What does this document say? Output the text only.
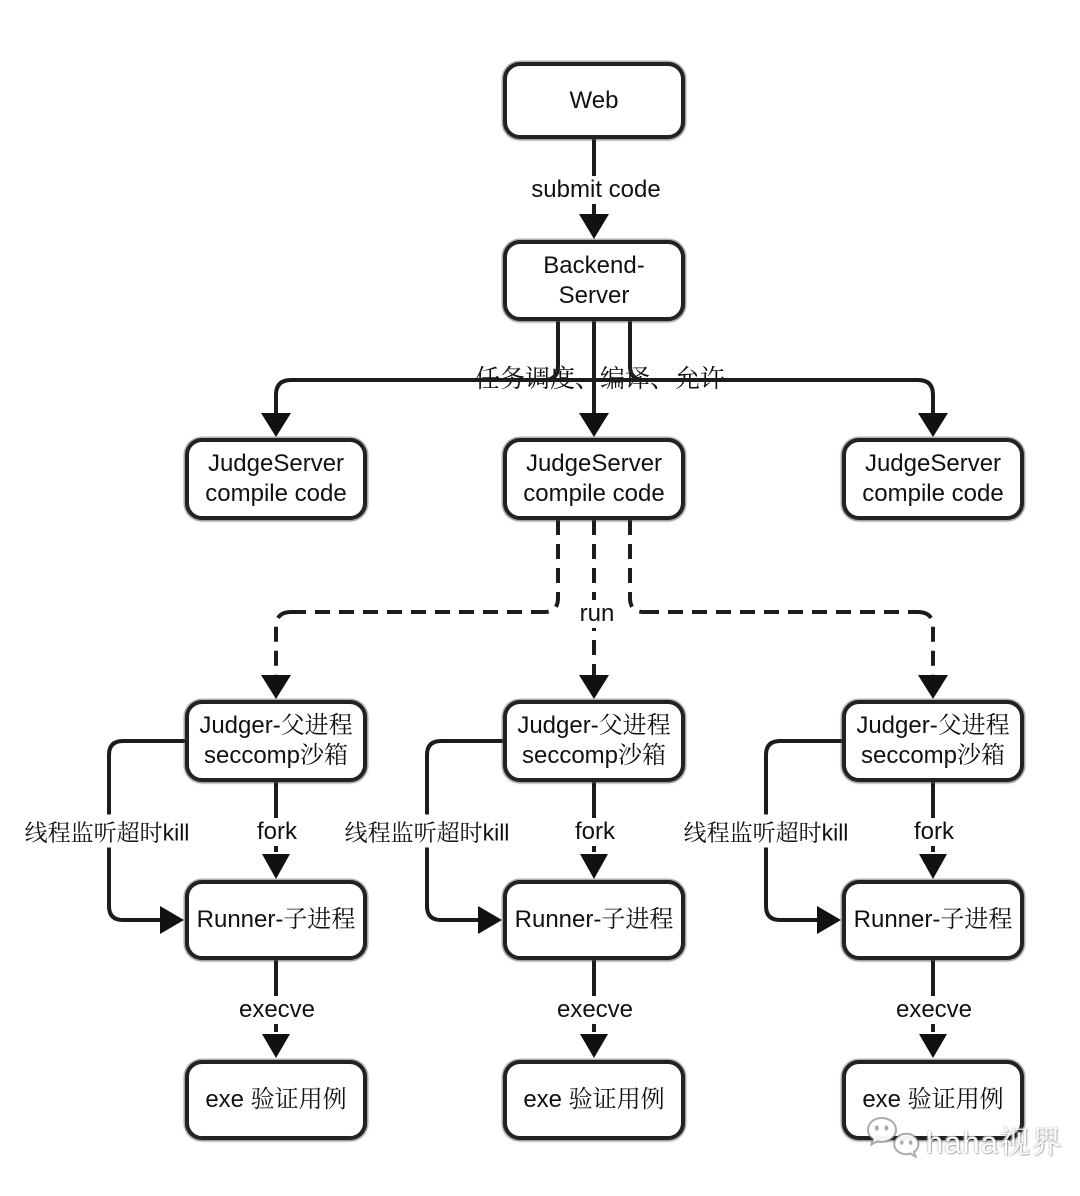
Web
Backend-
Server
JudgeServer
compile code
JudgeServer
compile code
JudgeServer
compile code
Judger-父进程
seccomp沙箱
Judger-父进程
seccomp沙箱
Judger-父进程
seccomp沙箱
Runner-子进程	Runner-子进程	Runner-子进程
exe 验证用例	exe 验证用例	exe 验证用例
submit code
任务调度、编译、允许
run
线程监听超时kill	fork 线程监听超时kill	fork	线程监听超时kill	fork
execve	execve	execve
haha视界
